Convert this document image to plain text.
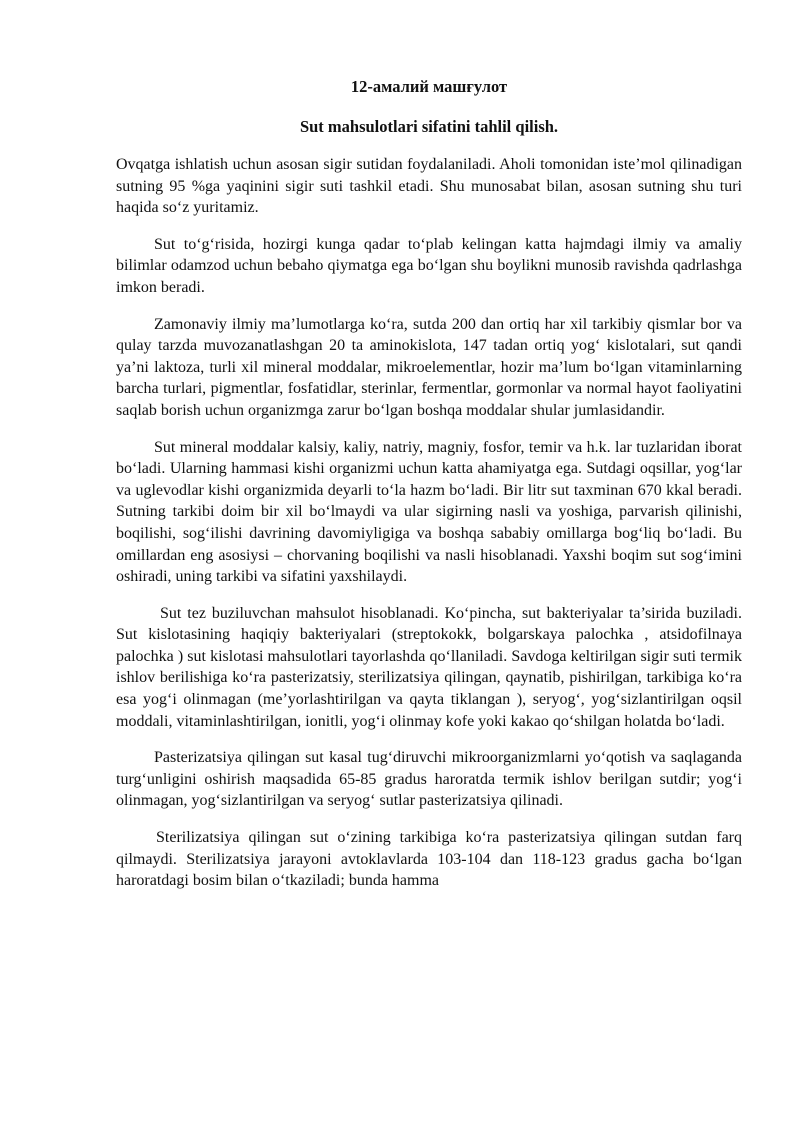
12-амалий машғулот
Sut mahsulotlari sifatini tahlil qilish.

Ovqatga ishlatish uchun asosan sigir sutidan foydalaniladi. Aholi tomonidan iste’mol qilinadigan sutning 95 %ga yaqinini sigir suti tashkil etadi. Shu munosabat bilan, asosan sutning shu turi haqida so‘z yuritamiz.

Sut to‘g‘risida, hozirgi kunga qadar to‘plab kelingan katta hajmdagi ilmiy va amaliy bilimlar odamzod uchun bebaho qiymatga ega bo‘lgan shu boylikni munosib ravishda qadrlashga imkon beradi.

Zamonaviy ilmiy ma’lumotlarga ko‘ra, sutda 200 dan ortiq har xil tarkibiy qismlar bor va qulay tarzda muvozanatlashgan 20 ta aminokislota, 147 tadan ortiq yog‘ kislotalari, sut qandi ya’ni laktoza, turli xil mineral moddalar, mikroelementlar, hozir ma’lum bo‘lgan vitaminlarning barcha turlari, pigmentlar, fosfatidlar, sterinlar, fermentlar, gormonlar va normal hayot faoliyatini saqlab borish uchun organizmga zarur bo‘lgan boshqa moddalar shular jumlasidandir.

Sut mineral moddalar kalsiy, kaliy, natriy, magniy, fosfor, temir va h.k. lar tuzlaridan iborat bo‘ladi. Ularning hammasi kishi organizmi uchun katta ahamiyatga ega. Sutdagi oqsillar, yog‘lar va uglevodlar kishi organizmida deyarli to‘la hazm bo‘ladi. Bir litr sut taxminan 670 kkal beradi. Sutning tarkibi doim bir xil bo‘lmaydi va ular sigirning nasli va yoshiga, parvarish qilinishi, boqilishi, sog‘ilishi davrining davomiyligiga va boshqa sababiy omillarga bog‘liq bo‘ladi. Bu omillardan eng asosiysi – chorvaning boqilishi va nasli hisoblanadi. Yaxshi boqim sut sog‘imini oshiradi, uning tarkibi va sifatini yaxshilaydi.

Sut tez buziluvchan mahsulot hisoblanadi. Ko‘pincha, sut bakteriyalar ta’sirida buziladi. Sut kislotasining haqiqiy bakteriyalari (streptokokk, bolgarskaya palochka , atsidofilnaya palochka ) sut kislotasi mahsulotlari tayorlashda qo‘llaniladi. Savdoga keltirilgan sigir suti termik ishlov berilishiga ko‘ra pasterizatsiy, sterilizatsiya qilingan, qaynatib, pishirilgan, tarkibiga ko‘ra esa yog‘i olinmagan (me’yorlashtirilgan va qayta tiklangan ), seryog‘, yog‘sizlantirilgan oqsil moddali, vitaminlashtirilgan, ionitli, yog‘i olinmay kofe yoki kakao qo‘shilgan holatda bo‘ladi.

Pasterizatsiya qilingan sut kasal tug‘diruvchi mikroorganizmlarni yo‘qotish va saqlaganda turg‘unligini oshirish maqsadida 65-85 gradus haroratda termik ishlov berilgan sutdir; yog‘i olinmagan, yog‘sizlantirilgan va seryog‘ sutlar pasterizatsiya qilinadi.

Sterilizatsiya qilingan sut o‘zining tarkibiga ko‘ra pasterizatsiya qilingan sutdan farq qilmaydi. Sterilizatsiya jarayoni avtoklavlarda 103-104 dan 118-123 gradus gacha bo‘lgan haroratdagi bosim bilan o‘tkaziladi; bunda hamma
